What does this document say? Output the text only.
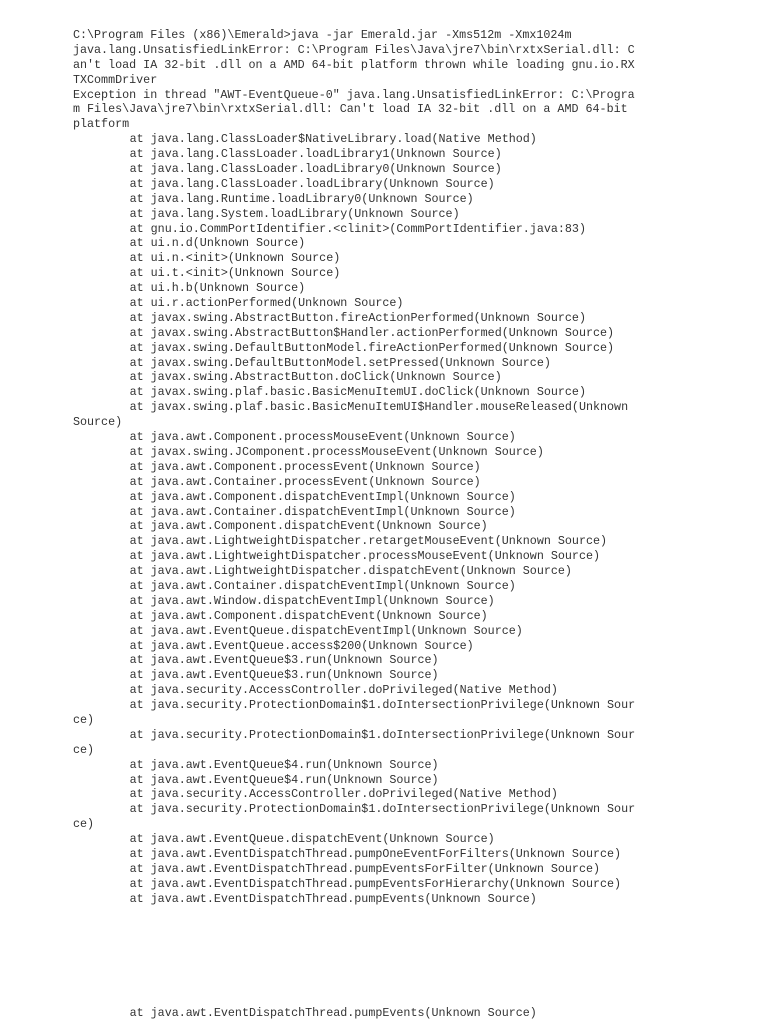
C:\Program Files (x86)\Emerald>java -jar Emerald.jar -Xms512m -Xmx1024m
java.lang.UnsatisfiedLinkError: C:\Program Files\Java\jre7\bin\rxtxSerial.dll: C
an't load IA 32-bit .dll on a AMD 64-bit platform thrown while loading gnu.io.RX
TXCommDriver
Exception in thread "AWT-EventQueue-0" java.lang.UnsatisfiedLinkError: C:\Progra
m Files\Java\jre7\bin\rxtxSerial.dll: Can't load IA 32-bit .dll on a AMD 64-bit
platform
at java.lang.ClassLoader$NativeLibrary.load(Native Method)
at java.lang.ClassLoader.loadLibrary1(Unknown Source)
at java.lang.ClassLoader.loadLibrary0(Unknown Source)
at java.lang.ClassLoader.loadLibrary(Unknown Source)
at java.lang.Runtime.loadLibrary0(Unknown Source)
at java.lang.System.loadLibrary(Unknown Source)
at gnu.io.CommPortIdentifier.<clinit>(CommPortIdentifier.java:83)
at ui.n.d(Unknown Source)
at ui.n.<init>(Unknown Source)
at ui.t.<init>(Unknown Source)
at ui.h.b(Unknown Source)
at ui.r.actionPerformed(Unknown Source)
at javax.swing.AbstractButton.fireActionPerformed(Unknown Source)
at javax.swing.AbstractButton$Handler.actionPerformed(Unknown Source)
at javax.swing.DefaultButtonModel.fireActionPerformed(Unknown Source)
at javax.swing.DefaultButtonModel.setPressed(Unknown Source)
at javax.swing.AbstractButton.doClick(Unknown Source)
at javax.swing.plaf.basic.BasicMenuItemUI.doClick(Unknown Source)
at javax.swing.plaf.basic.BasicMenuItemUI$Handler.mouseReleased(Unknown
Source)
at java.awt.Component.processMouseEvent(Unknown Source)
at javax.swing.JComponent.processMouseEvent(Unknown Source)
at java.awt.Component.processEvent(Unknown Source)
at java.awt.Container.processEvent(Unknown Source)
at java.awt.Component.dispatchEventImpl(Unknown Source)
at java.awt.Container.dispatchEventImpl(Unknown Source)
at java.awt.Component.dispatchEvent(Unknown Source)
at java.awt.LightweightDispatcher.retargetMouseEvent(Unknown Source)
at java.awt.LightweightDispatcher.processMouseEvent(Unknown Source)
at java.awt.LightweightDispatcher.dispatchEvent(Unknown Source)
at java.awt.Container.dispatchEventImpl(Unknown Source)
at java.awt.Window.dispatchEventImpl(Unknown Source)
at java.awt.Component.dispatchEvent(Unknown Source)
at java.awt.EventQueue.dispatchEventImpl(Unknown Source)
at java.awt.EventQueue.access$200(Unknown Source)
at java.awt.EventQueue$3.run(Unknown Source)
at java.awt.EventQueue$3.run(Unknown Source)
at java.security.AccessController.doPrivileged(Native Method)
at java.security.ProtectionDomain$1.doIntersectionPrivilege(Unknown Sour
ce)
at java.security.ProtectionDomain$1.doIntersectionPrivilege(Unknown Sour
ce)
at java.awt.EventQueue$4.run(Unknown Source)
at java.awt.EventQueue$4.run(Unknown Source)
at java.security.AccessController.doPrivileged(Native Method)
at java.security.ProtectionDomain$1.doIntersectionPrivilege(Unknown Sour
ce)
at java.awt.EventQueue.dispatchEvent(Unknown Source)
at java.awt.EventDispatchThread.pumpOneEventForFilters(Unknown Source)
at java.awt.EventDispatchThread.pumpEventsForFilter(Unknown Source)
at java.awt.EventDispatchThread.pumpEventsForHierarchy(Unknown Source)
at java.awt.EventDispatchThread.pumpEvents(Unknown Source)
at java.awt.EventDispatchThread.pumpEvents(Unknown Source)
